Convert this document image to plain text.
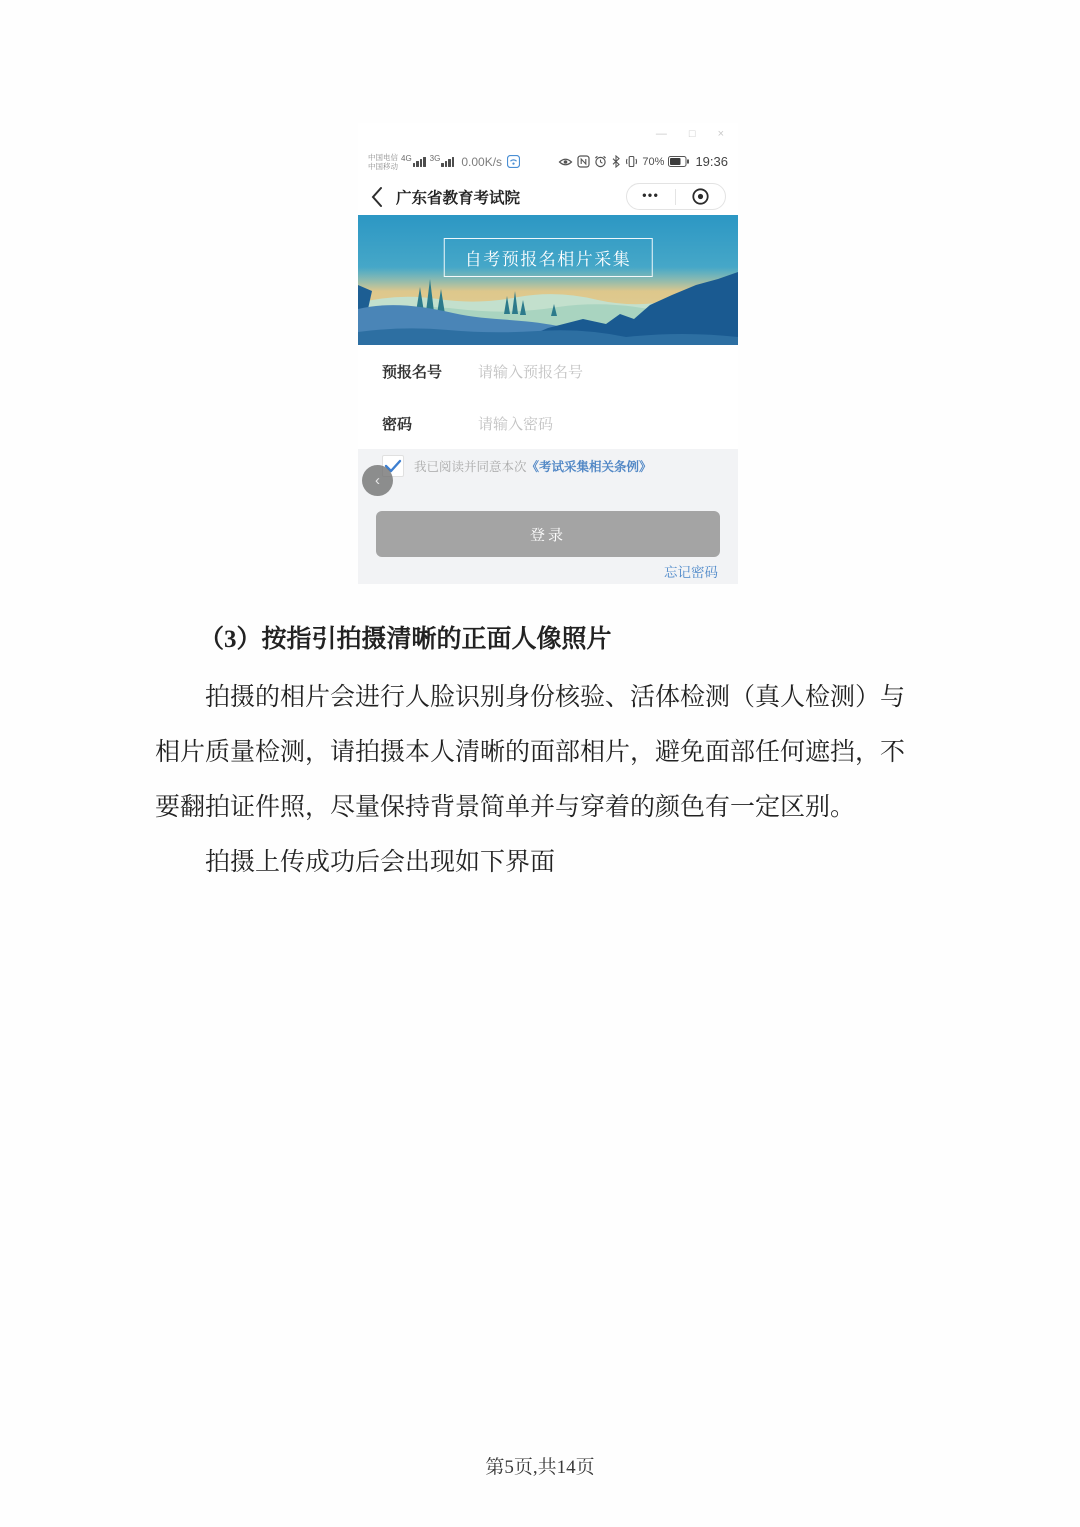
— □ ×
中国电信
中国移动
4G 3G 0.00K/s	70% 19:36
广东省教育考试院	•••
自考预报名相片采集
预报名号	请输入预报名号
密码	请输入密码
我已阅读并同意本次 《考试采集相关条例》
‹
登录
忘记密码
（3）按指引拍摄清晰的正面人像照片
拍摄的相片会进行人脸识别身份核验、活体检测（真人检测）与
相片质量检测，请拍摄本人清晰的面部相片，避免面部任何遮挡，不
要翻拍证件照，尽量保持背景简单并与穿着的颜色有一定区别。
拍摄上传成功后会出现如下界面
第5页,共14页
